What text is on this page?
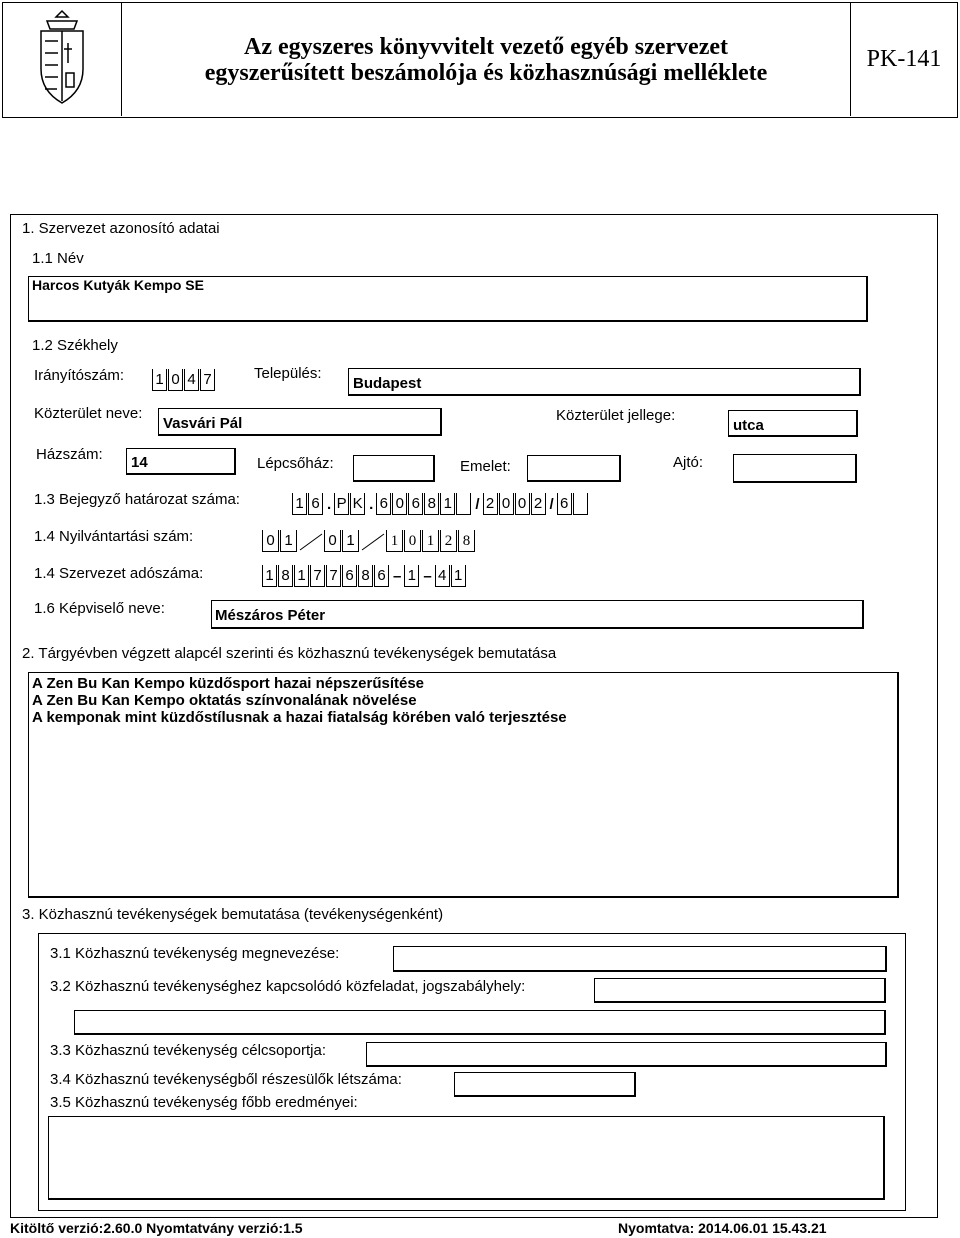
Az egyszeres könyvvitelt vezető egyéb szervezet
egyszerűsített beszámolója és közhasznúsági melléklete
PK-141
1. Szervezet azonosító adatai
1.1 Név
Harcos Kutyák Kempo SE
1.2 Székhely
Irányítószám: 1 0 4 7	Település:
Budapest
Közterület neve:
Vasvári Pál	Közterület jellege:
utca
Házszám: 14	Lépcsőház:	Emelet:	Ajtó:
1.3 Bejegyző határozat száma:	1 6 . P K . 6 0 6 8 1 / 2 0 0 2 / 6
1.4 Nyilvántartási szám:	0 1 0 1	1 0 1 2 8
1.4 Szervezet adószáma:	1 8 1 7 7 6 8 6 – 1 – 4 1
1.6 Képviselő neve:	Mészáros Péter
2. Tárgyévben végzett alapcél szerinti és közhasznú tevékenységek bemutatása
A Zen Bu Kan Kempo küzdősport hazai népszerűsítése
A Zen Bu Kan Kempo oktatás színvonalának növelése
A kemponak mint küzdőstílusnak a hazai fiatalság körében való terjesztése
3. Közhasznú tevékenységek bemutatása (tevékenységenként)
3.1 Közhasznú tevékenység megnevezése:
3.2 Közhasznú tevékenységhez kapcsolódó közfeladat, jogszabályhely:
3.3 Közhasznú tevékenység célcsoportja:
3.4 Közhasznú tevékenységből részesülők létszáma:
3.5 Közhasznú tevékenység főbb eredményei:
Kitöltő verzió:2.60.0 Nyomtatvány verzió:1.5	Nyomtatva: 2014.06.01 15.43.21
